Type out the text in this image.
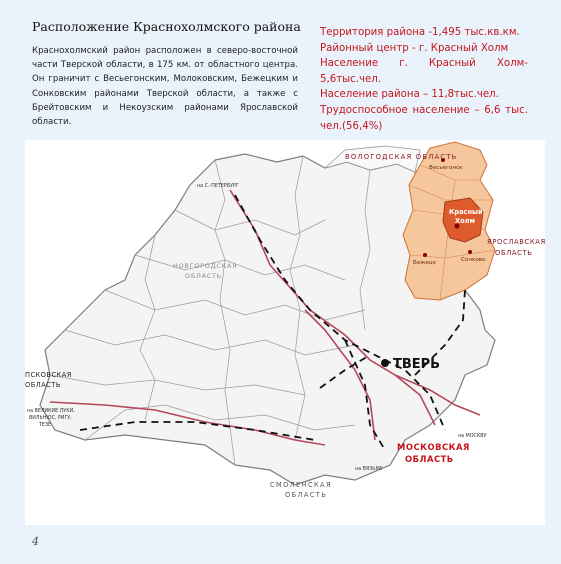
Расположение Краснохолмского района
Краснохолмский район расположен в северо-восточной части Тверской области, в 175 км. от областного центра. Он граничит с Весьегонским, Молоковским, Бежецким и Сонковским районами Тверской области, а также с Брейтовским и Некоузским районами Ярославской области.
Территория района -1,495 тыс.кв.км.
Районный центр - г. Красный Холм
Население г. Красный Холм- 5,6тыс.чел.
Население района – 11,8тыс.чел.
Трудоспособное население – 6,6 тыс. чел.(56,4%)
ВОЛОГОДСКАЯ ОБЛАСТЬ
ЯРОСЛАВСКАЯ
ОБЛАСТЬ
НОВГОРОДСКАЯ
ОБЛАСТЬ
ПСКОВСКАЯ
ОБЛАСТЬ
МОСКОВСКАЯ
ОБЛАСТЬ
СМОЛЕНСКАЯ
ОБЛАСТЬ
ТВЕРЬ
Красный
Холм
Весьегонск
Бежецк	Сонково
на С.-ПЕТЕРБУРГ
на МОСКВУ
на ВЕЛИКИЕ ЛУКИ,
ВИЛЬНЮС, РИГУ,
ТЕЗЕ
на ВЯЗЬМУ
4
